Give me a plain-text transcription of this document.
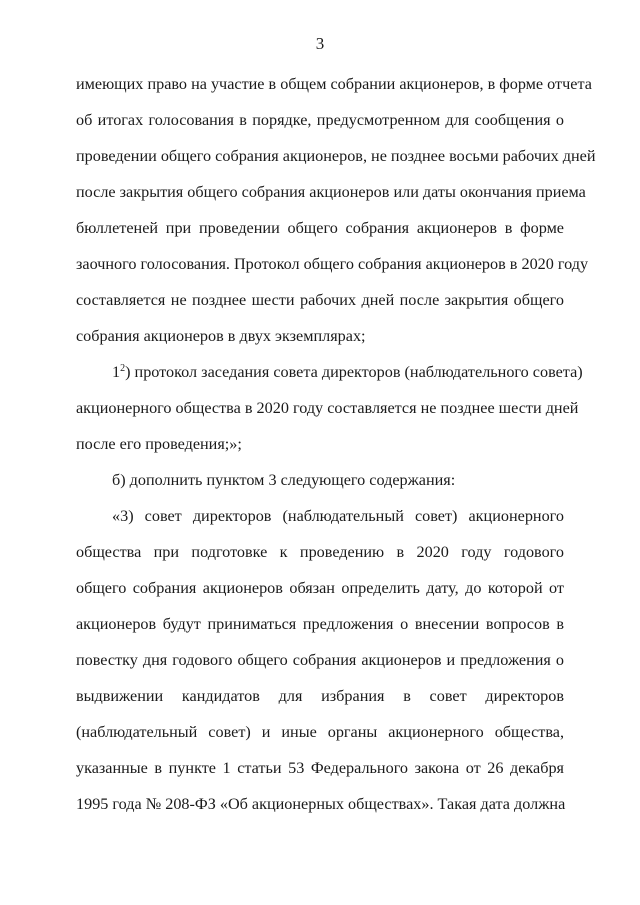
3
имеющих право на участие в общем собрании акционеров, в форме отчета
об итогах голосования в порядке, предусмотренном для сообщения о
проведении общего собрания акционеров, не позднее восьми рабочих дней
после закрытия общего собрания акционеров или даты окончания приема
бюллетеней при проведении общего собрания акционеров в форме
заочного голосования. Протокол общего собрания акционеров в 2020 году
составляется не позднее шести рабочих дней после закрытия общего
собрания акционеров в двух экземплярах;
$1^2$) протокол заседания совета директоров (наблюдательного совета)
акционерного общества в 2020 году составляется не позднее шести дней
после его проведения;»;
б) дополнить пунктом 3 следующего содержания:
«3) совет директоров (наблюдательный совет) акционерного
общества при подготовке к проведению в 2020 году годового
общего собрания акционеров обязан определить дату, до которой от
акционеров будут приниматься предложения о внесении вопросов в
повестку дня годового общего собрания акционеров и предложения о
выдвижении кандидатов для избрания в совет директоров
(наблюдательный совет) и иные органы акционерного общества,
указанные в пункте 1 статьи 53 Федерального закона от 26 декабря
1995 года № 208-ФЗ «Об акционерных обществах». Такая дата должна
